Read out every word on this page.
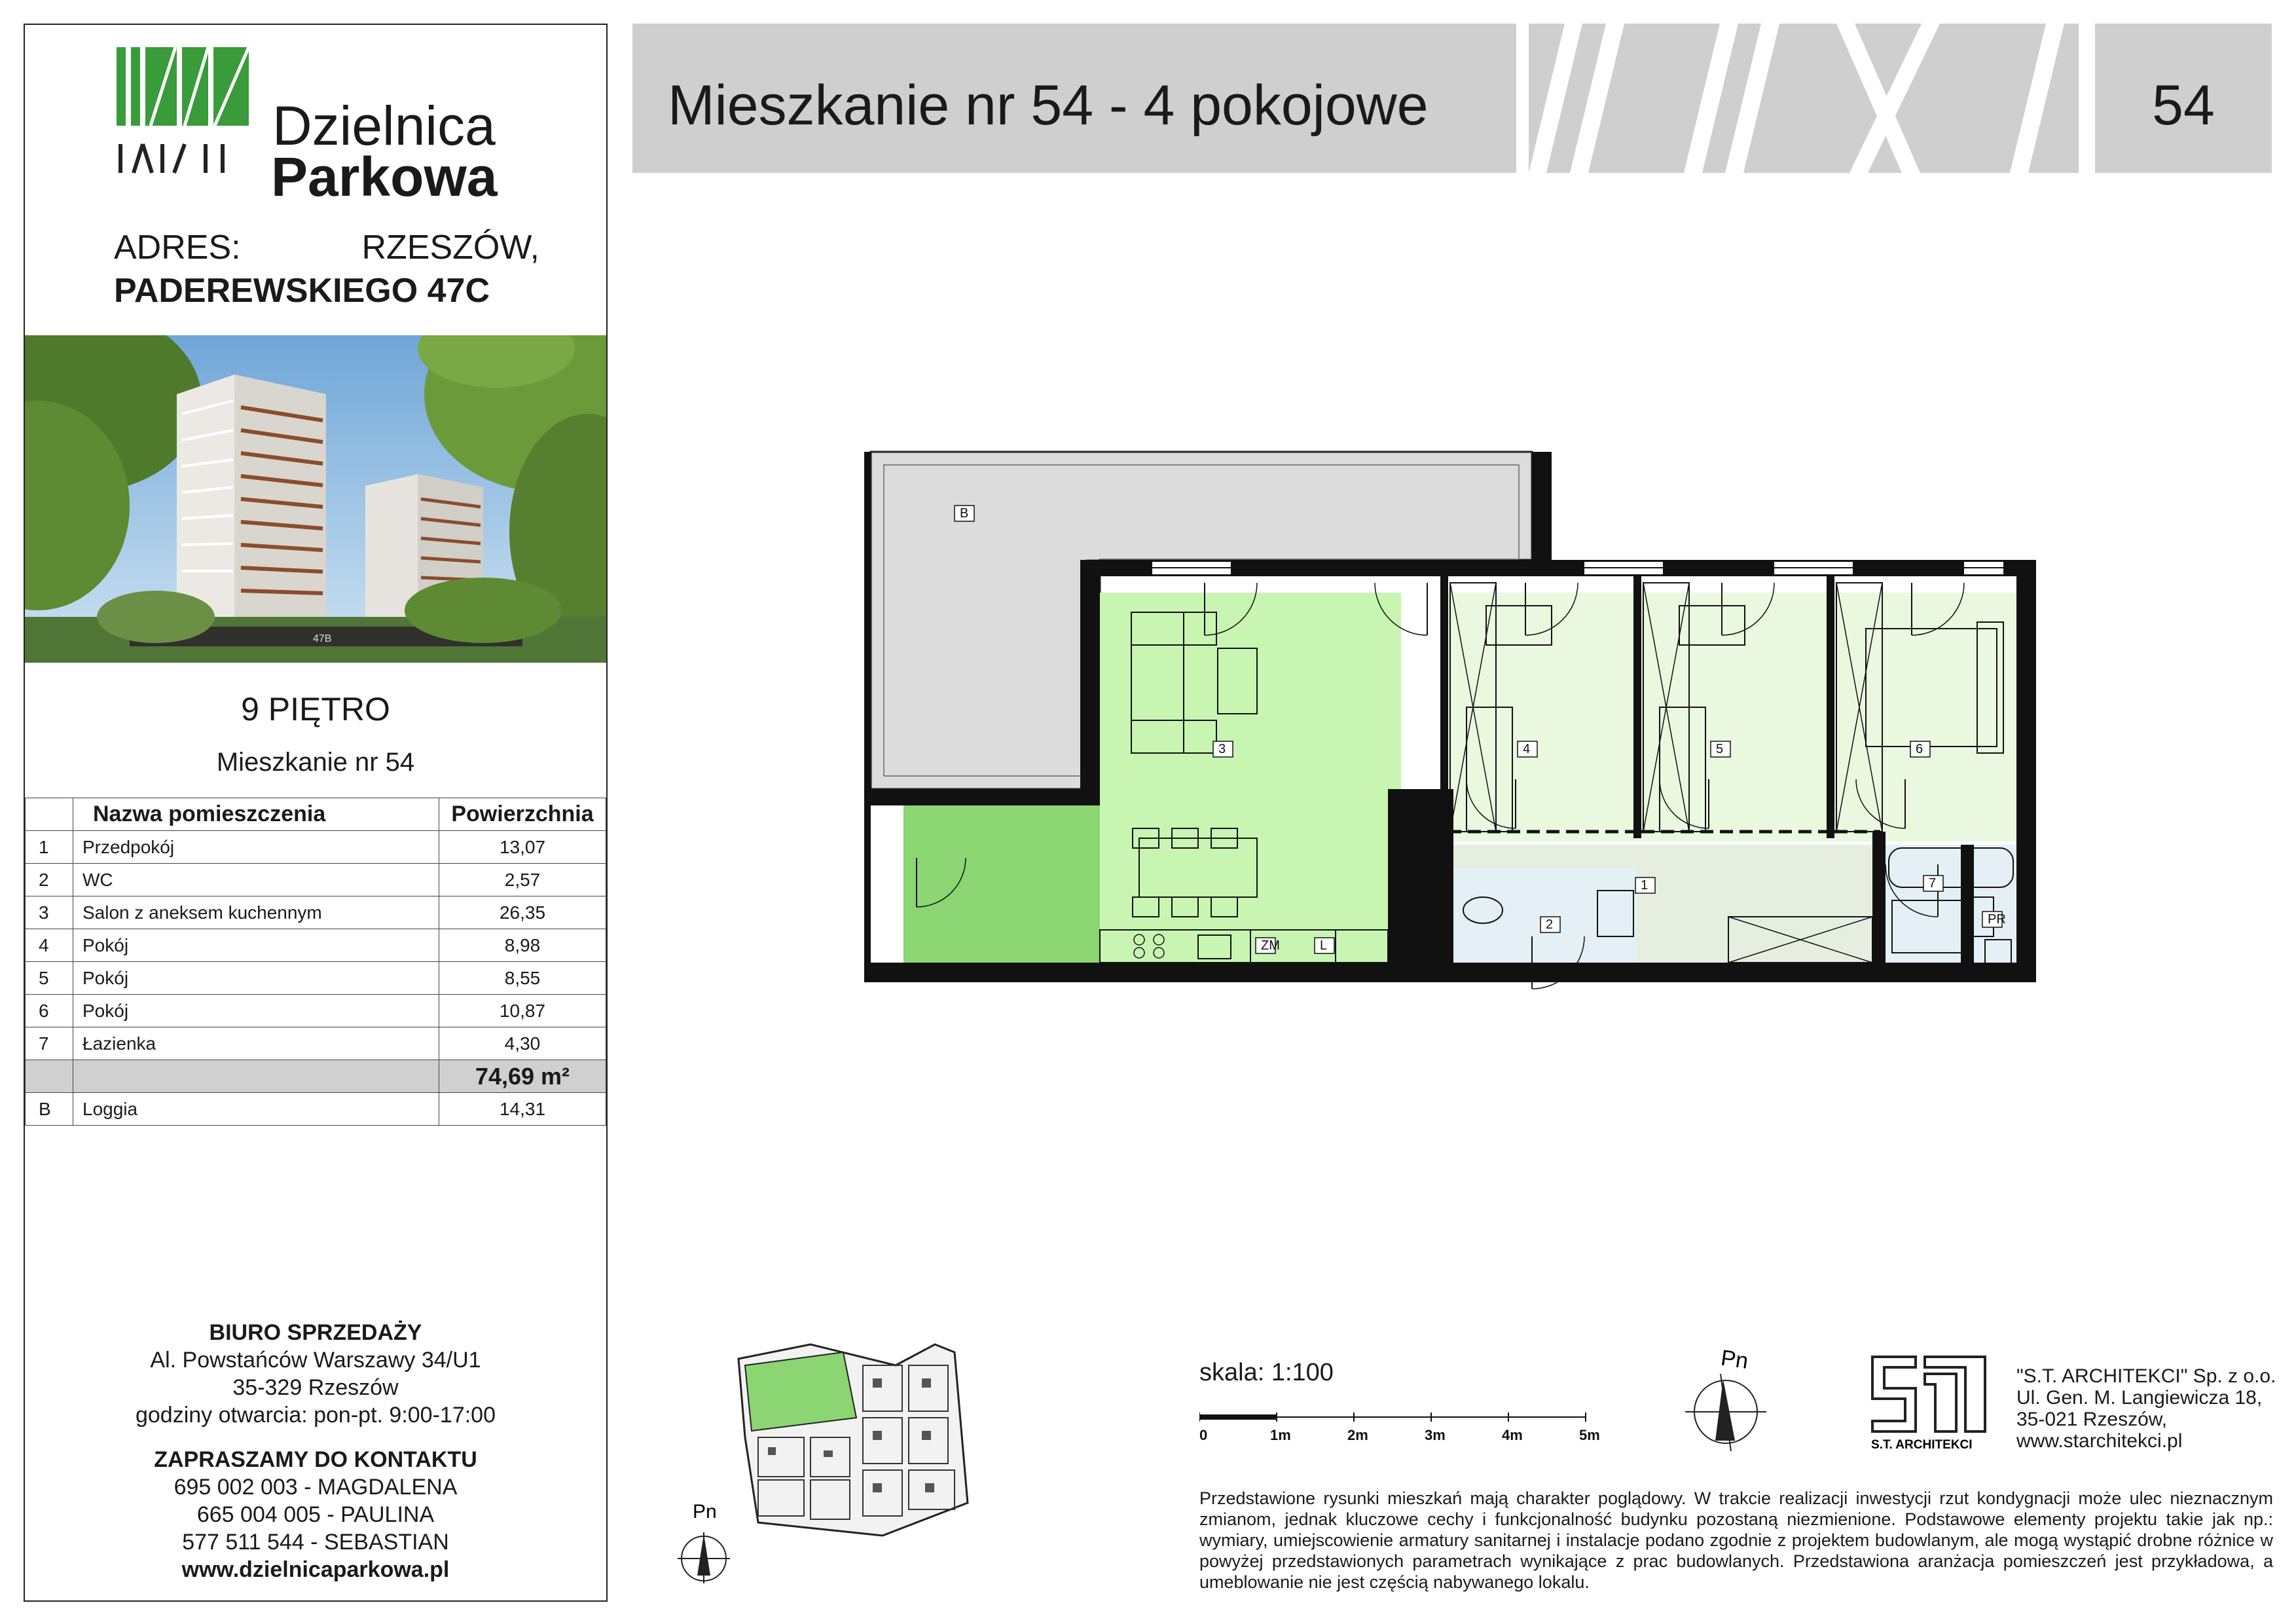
Dzielnica
Parkowa
ADRES:	RZESZÓW,
PADEREWSKIEGO 47C
47B
9 PIĘTRO
Mieszkanie nr 54
	Nazwa pomieszczenia	Powierzchnia
1	Przedpokój	13,07
2	WC	2,57
3	Salon z aneksem kuchennym	26,35
4	Pokój	8,98
5	Pokój	8,55
6	Pokój	10,87
7	Łazienka	4,30
		74,69 m²
B	Loggia	14,31
BIURO SPRZEDAŻY
Al. Powstańców Warszawy 34/U1
35-329 Rzeszów
godziny otwarcia: pon-pt. 9:00-17:00
ZAPRASZAMY DO KONTAKTU
695 002 003 - MAGDALENA
665 004 005 - PAULINA
577 511 544 - SEBASTIAN
www.dzielnicaparkowa.pl
Mieszkanie nr 54 - 4 pokojowe	54
B
1
2
3	4	5	6
7
ZM	L
PR
Pn
skala: 1:100
0	1m	2m	3m	4m	5m
Pn
S.T. ARCHITEKCI
"S.T. ARCHITEKCI" Sp. z o.o.
Ul. Gen. M. Langiewicza 18,
35-021 Rzeszów,
www.starchitekci.pl
Przedstawione rysunki mieszkań mają charakter poglądowy. W trakcie realizacji inwestycji rzut kondygnacji może ulec nieznacznym zmianom, jednak kluczowe cechy i funkcjonalność budynku pozostaną niezmienione. Podstawowe elementy projektu takie jak np.: wymiary, umiejscowienie armatury sanitarnej i instalacje podano zgodnie z projektem budowlanym, ale mogą wystąpić drobne różnice w powyżej przedstawionych parametrach wynikające z prac budowlanych. Przedstawiona aranżacja pomieszczeń jest przykładowa, a umeblowanie nie jest częścią nabywanego lokalu.
